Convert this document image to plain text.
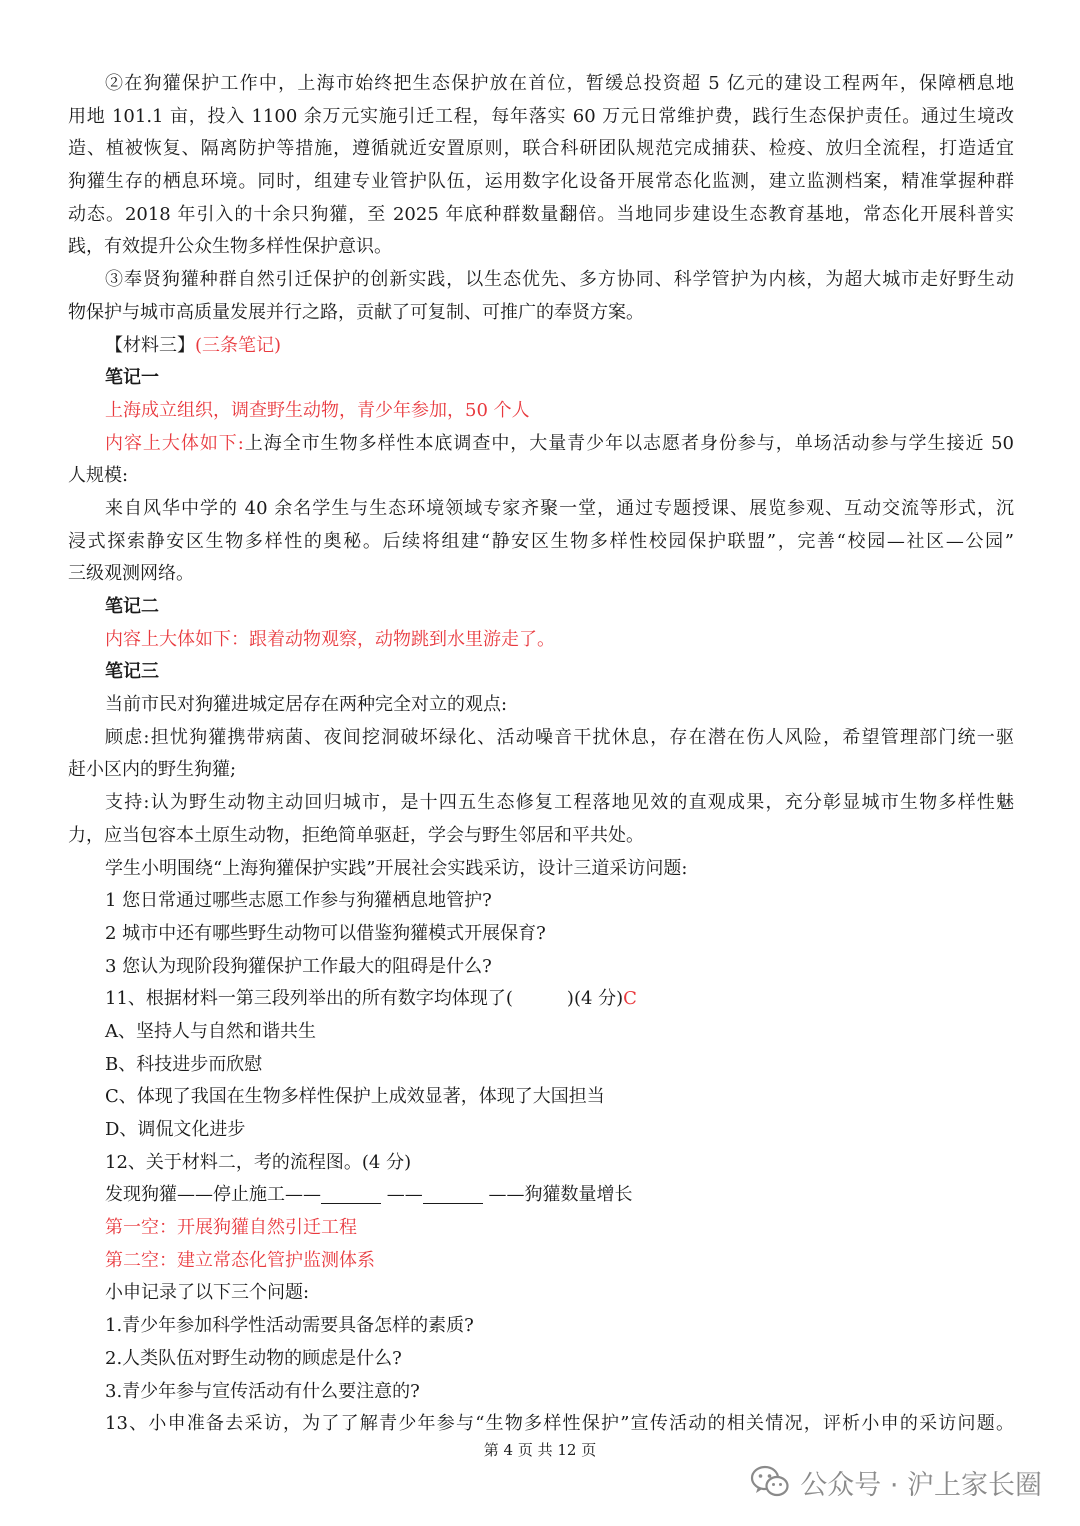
②在狗獾保护工作中，上海市始终把生态保护放在首位，暂缓总投资超 5 亿元的建设工程两年，保障栖息地
用地 101.1 亩，投入 1100 余万元实施引迁工程，每年落实 60 万元日常维护费，践行生态保护责任。通过生境改
造、植被恢复、隔离防护等措施，遵循就近安置原则，联合科研团队规范完成捕获、检疫、放归全流程，打造适宜
狗獾生存的栖息环境。同时，组建专业管护队伍，运用数字化设备开展常态化监测，建立监测档案，精准掌握种群
动态。2018 年引入的十余只狗獾，至 2025 年底种群数量翻倍。当地同步建设生态教育基地，常态化开展科普实
践，有效提升公众生物多样性保护意识。
③奉贤狗獾种群自然引迁保护的创新实践，以生态优先、多方协同、科学管护为内核，为超大城市走好野生动
物保护与城市高质量发展并行之路，贡献了可复制、可推广的奉贤方案。
【材料三】(三条笔记)
笔记一
上海成立组织，调查野生动物，青少年参加，50 个人
内容上大体如下:上海全市生物多样性本底调查中，大量青少年以志愿者身份参与，单场活动参与学生接近 50
人规模:
来自风华中学的 40 余名学生与生态环境领域专家齐聚一堂，通过专题授课、展览参观、互动交流等形式，沉
浸式探索静安区生物多样性的奥秘。后续将组建“静安区生物多样性校园保护联盟”，完善“校园—社区—公园”
三级观测网络。
笔记二
内容上大体如下：跟着动物观察，动物跳到水里游走了。
笔记三
当前市民对狗獾进城定居存在两种完全对立的观点:
顾虑:担忧狗獾携带病菌、夜间挖洞破坏绿化、活动噪音干扰休息，存在潜在伤人风险，希望管理部门统一驱
赶小区内的野生狗獾;
支持:认为野生动物主动回归城市，是十四五生态修复工程落地见效的直观成果，充分彰显城市生物多样性魅
力，应当包容本土原生动物，拒绝简单驱赶，学会与野生邻居和平共处。
学生小明围绕“上海狗獾保护实践”开展社会实践采访，设计三道采访问题:
1 您日常通过哪些志愿工作参与狗獾栖息地管护?
2 城市中还有哪些野生动物可以借鉴狗獾模式开展保育?
3 您认为现阶段狗獾保护工作最大的阻碍是什么?
11、根据材料一第三段列举出的所有数字均体现了(　　　)(4 分)C
A、坚持人与自然和谐共生
B、科技进步而欣慰
C、体现了我国在生物多样性保护上成效显著，体现了大国担当
D、调侃文化进步
12、关于材料二，考的流程图。(4 分)
发现狗獾——停止施工——	——	——狗獾数量增长
第一空：开展狗獾自然引迁工程
第二空：建立常态化管护监测体系
小申记录了以下三个问题:
1.青少年参加科学性活动需要具备怎样的素质?
2.人类队伍对野生动物的顾虑是什么?
3.青少年参与宣传活动有什么要注意的?
13、小申准备去采访，为了了解青少年参与“生物多样性保护”宣传活动的相关情况，评析小申的采访问题。
第 4 页 共 12 页
公众号 · 沪上家长圈
